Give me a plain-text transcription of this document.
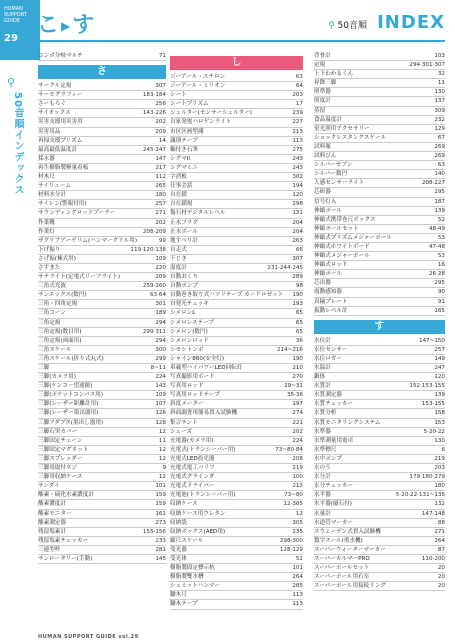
HUMAN
SUPPORT
GUIDE
29
こ ▶す	⚲ 50音順 INDEX
⚲
50音順インデックス
コンボ分岐マルチ	71
さ
サークル定規	307
サーモグラフィー	183·184
さーもろぐ	256
サイオックス	143·226
災害支援用災害用	202
災害用品	209
再掃支援プリズム	14
最高最低温度計	245·247
採水器	147
再生樹脂製軽量看板	217
材木尺	112
サイリューム	265
材料水分計	180
サイレン(警報付用)	257
サウンディングロッドブーラー	271
作業靴	202
作業灯	208·209
ザグリブアーゲリム(ハンマーグリル用)	99
下げ振り	119·120·138
さげ振(棟式用)	109
さすまた	220
サテライト(定電式リーフライト)	209
三角式光波	259·260
サンエックス(数円)	63·64
三角・四角定規	301
三角コーン	189
三角定規	294
三角定規(数目用)	299·311
三角定規(両面用)	294
三角スケール	300
三角スケール(折り式丸式)	299
三脚	8~11
三脚(カメラ用)	224
三脚(ケンコー望遠鏡)	143
三脚(ポケットコンパス用)	109
三脚(レーザー距離計用)	107
三脚(レーザー墨出器用)	126
三脚アダプタ(墨出し器用)	128
三脚石突カバー	12
三脚固定チェーン	11
三脚固定マグネット	12
三脚スプレッダー	12
三脚用取付ネジ	9
三脚用収納ケース	12
サンダイ	101
酸素・硫化水素濃度計	159
酸素濃度計	159
酸素モニター	161
酸素測定器	273
残留塩素計	155·156
残留塩素チェッカー	233
三連型枠	281
サンロータリー(手動)	145
し
ジーアール・スチロン	63
ジーアール・ミリオン	64
シート	203
シートプリズム	17
シェルター(センサーシェルター)	239
自家発電ハロゲンライト	227
市区区画型測	213
識別テープ	113
軸付き石筆	275
シグマII	243
シグマミニ	243
字消板	302
仕事会話	194
自在鎖	120
自在鎖規	298
傷石材デジタルレベル	131
止水ブラグ	204
止水ボール	204
地すべり計	263
自走式	66
下じき	307
湿度計	231·244·245
自動おくり	289
自動ポンプ	98
自動巻き取り式ハツリテープ カードロゼット 190
自発光チェッキ	193
シメロンL	65
シメロンステーブ	65
シメロン(数円)	65
シメロンロッド	36
シモシトンボ	214~216
シャイン860(安全灯)	190
車載型ハイパワーLED回転灯	210
写真撮影用ボード	270
写真用ロッド	29~31
写真用ロッドテープ	35·36
斜度メーター	197
斜面調査用簡易貫入試験機	274
集合テント	221
シューズ	202
充電器(カメラ用)	224
充電式(トランシーバー用)	73~80·84
充電式LED投光器	208
充電式電工バリフ	219
充電式グラインダ	100
充電式ドライバー	213
充電池(トランシーバー用)	73~80
収納ケース	12·305
収納ケース用ウレタン	12
収納袋	305
収納ボックス(AED用)	235
縮尺スケール	298·300
受光器	128·129
受光体	52
樹脂製固定標示杭	101
樹脂製雙水槽	264
シュミットハンマー	285
鋤木尺	113
鋤木テープ	113
背骨計	103
定規	294·301·307
上下わかるくん	32
昇降三脚	11
照準器	130
照度計	137
蒸留	309
食品温度計	232
蛍光照用アクセサリー	129
ショックレスタンクスケール	67
試料瓶	269
試料びん	269
シルバーセブン	63
シルバー数円	140
人感センサーライト	208·227
芯研器	295
信号灯入	187
伸縮ポール	139
伸縮式携帯巻尺ボックス	52
伸縮ポールセット	48·49
伸縮式プリズムメジャーポール	53
伸縮式ホワイトボード	47·48
伸縮式メジャーポール	53
伸縮式ロッド	16
伸縮ポール	26·28
芯出器	295
震動感知器	90
真鍮プレート	91
振動レベル計	165
す
水位計	147~150
水位センサー	257
水位ロガー	149
水温計	247
錐体	120
水質計	152·153·155
水質測定器	139
水質チェッカー	153·155
水質分析	158
水質モニタリングシステム	153
水準器	5·20·22
水準測量用電卓	130
水準標尺	6
水中ポンプ	219
水のう	203
水分計	179·180·279
水分チェッカー	180
水平器	5·20·22·131~135
水平器(磁石付)	132
水量計	147·148
水道管マーカー	88
スウェーデン式貫入試験機	271
数字スール(重水機)	264
スーパーウォーターマーカー	87
スーパーカルマーPRO	110·200
スーパーポールセット	20
スーパーポール用石室	20
スーパーポール用接続リング	20
HUMAN SUPPORT GUIDE vol.29
